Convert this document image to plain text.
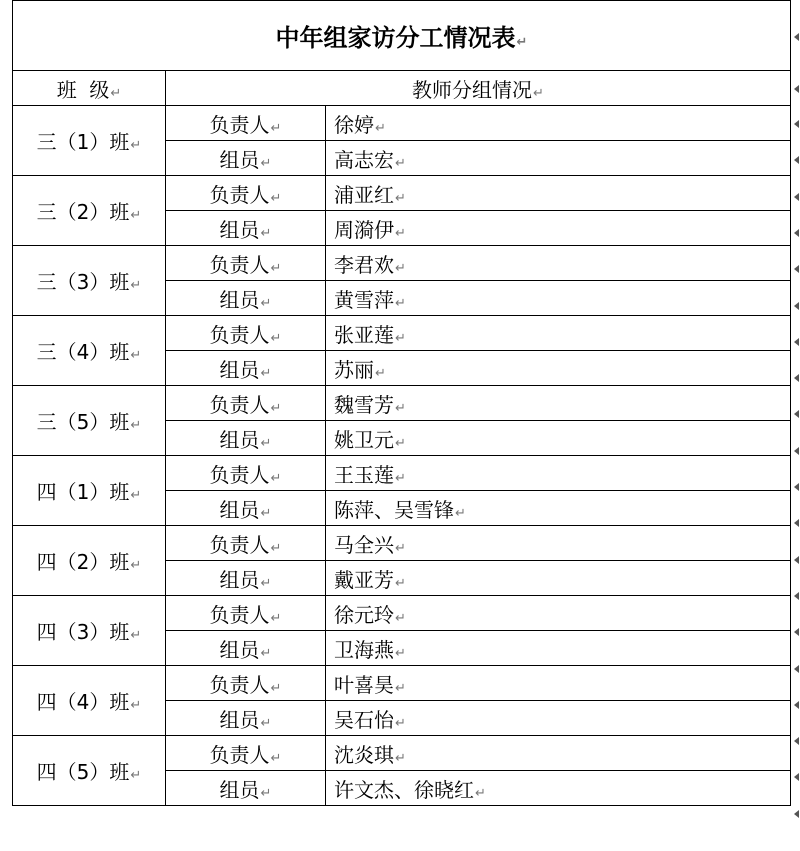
中年组家访分工情况表↵		
班  级↵	教师分组情况↵	
三（1）班↵	负责人↵	徐婷↵
	组员↵	高志宏↵
三（2）班↵	负责人↵	浦亚红↵
	组员↵	周漪伊↵
三（3）班↵	负责人↵	李君欢↵
	组员↵	黄雪萍↵
三（4）班↵	负责人↵	张亚莲↵
	组员↵	苏丽↵
三（5）班↵	负责人↵	魏雪芳↵
	组员↵	姚卫元↵
四（1）班↵	负责人↵	王玉莲↵
	组员↵	陈萍、吴雪锋↵
四（2）班↵	负责人↵	马全兴↵
	组员↵	戴亚芳↵
四（3）班↵	负责人↵	徐元玲↵
	组员↵	卫海燕↵
四（4）班↵	负责人↵	叶喜昊↵
	组员↵	吴石怡↵
四（5）班↵	负责人↵	沈炎琪↵
	组员↵	许文杰、徐晓红↵
